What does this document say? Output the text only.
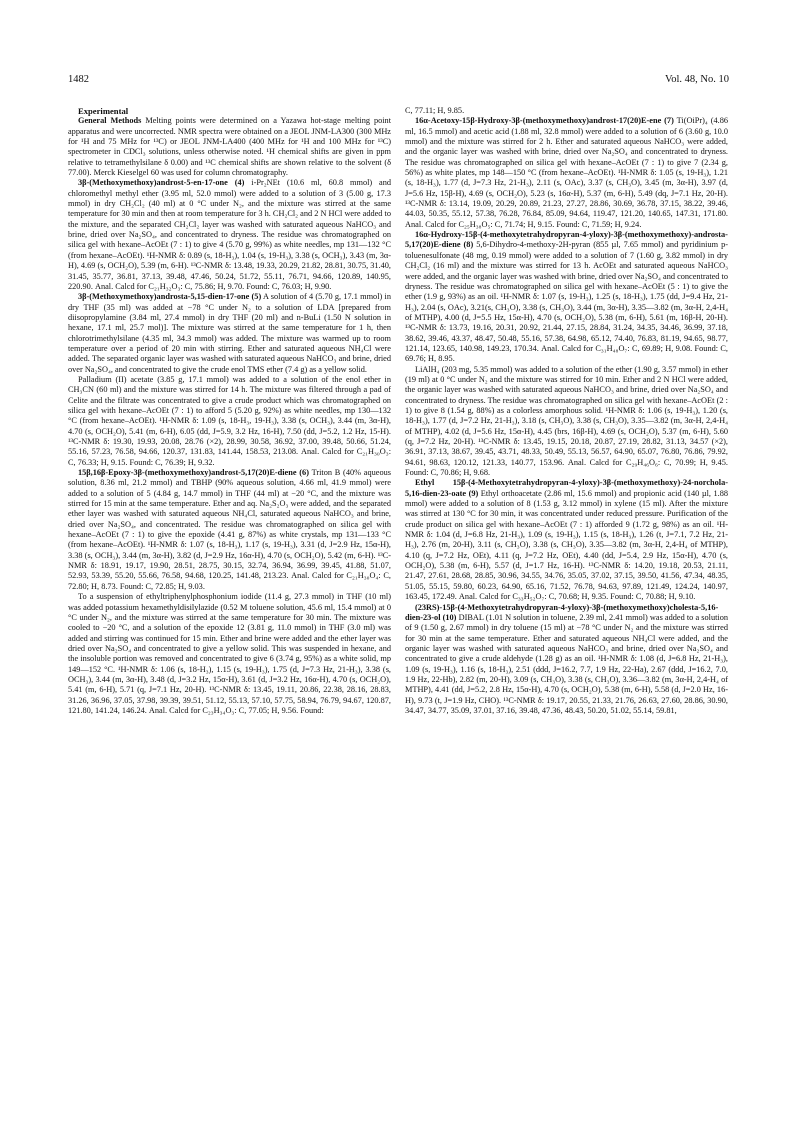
1482	Vol. 48, No. 10

Experimental

General Methods Melting points were determined on a Yazawa hot-stage melting point apparatus and were uncorrected. NMR spectra were obtained on a JEOL JNM-LA300 (300 MHz for ¹H and 75 MHz for ¹³C) or JEOL JNM-LA400 (400 MHz for ¹H and 100 MHz for ¹³C) spectrometer in CDCl₃ solutions, unless otherwise noted. ¹H chemical shifts are given in ppm relative to tetramethylsilane δ 0.00) and ¹³C chemical shifts are shown relative to the solvent (δ 77.00). Merck Kieselgel 60 was used for column chromatography.

3β-(Methoxymethoxy)androst-5-en-17-one (4) i-Pr₂NEt (10.6 ml, 60.8 mmol) and chloromethyl methyl ether (3.95 ml, 52.0 mmol) were added to a solution of 3 (5.00 g, 17.3 mmol) in dry CH₂Cl₂ (40 ml) at 0 °C under N₂, and the mixture was stirred at the same temperature for 30 min and then at room temperature for 3 h. CH₂Cl₂ and 2 N HCl were added to the mixture, and the separated CH₂Cl₂ layer was washed with saturated aqueous NaHCO₃ and brine, dried over Na₂SO₄, and concentrated to dryness. The residue was chromatographed on silica gel with hexane–AcOEt (7 : 1) to give 4 (5.70 g, 99%) as white needles, mp 131—132 °C (from hexane–AcOEt). ¹H-NMR δ: 0.89 (s, 18-H₃), 1.04 (s, 19-H₃), 3.38 (s, OCH₃), 3.43 (m, 3α-H), 4.69 (s, OCH₂O), 5.39 (m, 6-H). ¹³C-NMR δ: 13.48, 19.33, 20.29, 21.82, 28.81, 30.75, 31.40, 31.45, 35.77, 36.81, 37.13, 39.48, 47.46, 50.24, 51.72, 55.11, 76.71, 94.66, 120.89, 140.95, 220.90. Anal. Calcd for C₂₁H₃₂O₃: C, 75.86; H, 9.70. Found: C, 76.03; H, 9.90.

3β-(Methoxymethoxy)androsta-5,15-dien-17-one (5) A solution of 4 (5.70 g, 17.1 mmol) in dry THF (35 ml) was added at −78 °C under N₂ to a solution of LDA [prepared from diisopropylamine (3.84 ml, 27.4 mmol) in dry THF (20 ml) and n-BuLi (1.50 N solution in hexane, 17.1 ml, 25.7 mol)]. The mixture was stirred at the same temperature for 1 h, then chlorotrimethylsilane (4.35 ml, 34.3 mmol) was added. The mixture was warmed up to room temperature over a period of 20 min with stirring. Ether and saturated aqueous NH₄Cl were added. The separated organic layer was washed with saturated aqueous NaHCO₃ and brine, dried over Na₂SO₄, and concentrated to give the crude enol TMS ether (7.4 g) as a yellow solid.

Palladium (II) acetate (3.85 g, 17.1 mmol) was added to a solution of the enol ether in CH₃CN (60 ml) and the mixture was stirred for 14 h. The mixture was filtered through a pad of Celite and the filtrate was concentrated to give a crude product which was chromatographed on silica gel with hexane–AcOEt (7 : 1) to afford 5 (5.20 g, 92%) as white needles, mp 130—132 °C (from hexane–AcOEt). ¹H-NMR δ: 1.09 (s, 18-H₃, 19-H₃), 3.38 (s, OCH₃), 3.44 (m, 3α-H), 4.70 (s, OCH₂O), 5.41 (m, 6-H), 6.05 (dd, J=5.9, 3.2 Hz, 16-H), 7.50 (dd, J=5.2, 1.2 Hz, 15-H). ¹³C-NMR δ: 19.30, 19.93, 20.08, 28.76 (×2), 28.99, 30.58, 36.92, 37.00, 39.48, 50.66, 51.24, 55.16, 57.23, 76.58, 94.66, 120.37, 131.83, 141.44, 158.53, 213.08. Anal. Calcd for C₂₁H₃₀O₃: C, 76.33; H, 9.15. Found: C, 76.39; H, 9.32.

15β,16β-Epoxy-3β-(methoxymethoxy)androst-5,17(20)E-diene (6) Triton B (40% aqueous solution, 8.36 ml, 21.2 mmol) and TBHP (90% aqueous solution, 4.66 ml, 41.9 mmol) were added to a solution of 5 (4.84 g, 14.7 mmol) in THF (44 ml) at −20 °C, and the mixture was stirred for 15 min at the same temperature. Ether and aq. Na₂S₂O₃ were added, and the separated ether layer was washed with saturated aqueous NH₄Cl, saturated aqueous NaHCO₃ and brine, dried over Na₂SO₄, and concentrated. The residue was chromatographed on silica gel with hexane–AcOEt (7 : 1) to give the epoxide (4.41 g, 87%) as white crystals, mp 131—133 °C (from hexane–AcOEt). ¹H-NMR δ: 1.07 (s, 18-H₃), 1.17 (s, 19-H₃), 3.31 (d, J=2.9 Hz, 15α-H), 3.38 (s, OCH₃), 3.44 (m, 3α-H), 3.82 (d, J=2.9 Hz, 16α-H), 4.70 (s, OCH₂O), 5.42 (m, 6-H). ¹³C-NMR δ: 18.91, 19.17, 19.90, 28.51, 28.75, 30.15, 32.74, 36.94, 36.99, 39.45, 41.88, 51.07, 52.93, 53.39, 55.20, 55.66, 76.58, 94.68, 120.25, 141.48, 213.23. Anal. Calcd for C₂₁H₃₀O₄: C, 72.80; H, 8.73. Found: C, 72.85; H, 9.03.

To a suspension of ethyltriphenylphosphonium iodide (11.4 g, 27.3 mmol) in THF (10 ml) was added potassium hexamethyldisilylazide (0.52 M toluene solution, 45.6 ml, 15.4 mmol) at 0 °C under N₂, and the mixture was stirred at the same temperature for 30 min. The mixture was cooled to −20 °C, and a solution of the epoxide 12 (3.81 g, 11.0 mmol) in THF (3.0 ml) was added and stirring was continued for 15 min. Ether and brine were added and the ether layer was dried over Na₂SO₄ and concentrated to give a yellow solid. This was suspended in hexane, and the insoluble portion was removed and concentrated to give 6 (3.74 g, 95%) as a white solid, mp 149—152 °C. ¹H-NMR δ: 1.06 (s, 18-H₃), 1.15 (s, 19-H₃), 1.75 (d, J=7.3 Hz, 21-H₃), 3.38 (s, OCH₃), 3.44 (m, 3α-H), 3.48 (d, J=3.2 Hz, 15α-H), 3.61 (d, J=3.2 Hz, 16α-H), 4.70 (s, OCH₂O), 5.41 (m, 6-H), 5.71 (q, J=7.1 Hz, 20-H). ¹³C-NMR δ: 13.45, 19.11, 20.86, 22.38, 28.16, 28.83, 31.26, 36.96, 37.05, 37.98, 39.39, 39.51, 51.12, 55.13, 57.10, 57.75, 58.94, 76.79, 94.67, 120.87, 121.80, 141.24, 146.24. Anal. Calcd for C₂₃H₃₄O₃: C, 77.05; H, 9.56. Found:

C, 77.11; H, 9.85.

16α-Acetoxy-15β-Hydroxy-3β-(methoxymethoxy)androst-17(20)E-ene (7) Ti(OiPr)₄ (4.86 ml, 16.5 mmol) and acetic acid (1.88 ml, 32.8 mmol) were added to a solution of 6 (3.60 g, 10.0 mmol) and the mixture was stirred for 2 h. Ether and saturated aqueous NaHCO₃ were added, and the organic layer was washed with brine, dried over Na₂SO₄ and concentrated to dryness. The residue was chromatographed on silica gel with hexane–AcOEt (7 : 1) to give 7 (2.34 g, 56%) as white plates, mp 148—150 °C (from hexane–AcOEt). ¹H-NMR δ: 1.05 (s, 19-H₃), 1.21 (s, 18-H₃), 1.77 (d, J=7.3 Hz, 21-H₃), 2.11 (s, OAc), 3.37 (s, CH₃O), 3.45 (m, 3α-H), 3.97 (d, J=5.6 Hz, 15β-H), 4.69 (s, OCH₂O), 5.23 (s, 16α-H), 5.37 (m, 6-H), 5.49 (dq, J=7.1 Hz, 20-H). ¹³C-NMR δ: 13.14, 19.09, 20.29, 20.89, 21.23, 27.27, 28.86, 30.69, 36.78, 37.15, 38.22, 39.46, 44.03, 50.35, 55.12, 57.38, 76.28, 76.84, 85.09, 94.64, 119.47, 121.20, 140.65, 147.31, 171.80. Anal. Calcd for C₂₅H₃₈O₅: C, 71.74; H, 9.15. Found: C, 71.59; H, 9.24.

16α-Hydroxy-15β-(4-methoxytetrahydropyran-4-yloxy)-3β-(methoxymethoxy)-androsta-5,17(20)E-diene (8) 5,6-Dihydro-4-methoxy-2H-pyran (855 µl, 7.65 mmol) and pyridinium p-toluenesulfonate (48 mg, 0.19 mmol) were added to a solution of 7 (1.60 g, 3.82 mmol) in dry CH₂Cl₂ (16 ml) and the mixture was stirred for 13 h. AcOEt and saturated aqueous NaHCO₃ were added, and the organic layer was washed with brine, dried over Na₂SO₄ and concentrated to dryness. The residue was chromatographed on silica gel with hexane–AcOEt (5 : 1) to give the ether (1.9 g, 93%) as an oil. ¹H-NMR δ: 1.07 (s, 19-H₃), 1.25 (s, 18-H₃), 1.75 (dd, J=9.4 Hz, 21-H₃), 2.04 (s, OAc), 3.21(s, CH₃O), 3.38 (s, CH₃O), 3.44 (m, 3α-H), 3.35—3.82 (m, 3α-H, 2,4-H₄ of MTHP), 4.00 (d, J=5.5 Hz, 15α-H), 4.70 (s, OCH₂O), 5.38 (m, 6-H), 5.61 (m, 16β-H, 20-H). ¹³C-NMR δ: 13.73, 19.16, 20.31, 20.92, 21.44, 27.15, 28.84, 31.24, 34.35, 34.46, 36.99, 37.18, 38.62, 39.46, 43.37, 48.47, 50.48, 55.16, 57.38, 64.98, 65.12, 74.40, 76.83, 81.19, 94.65, 98.77, 121.14, 123.65, 140.98, 149.23, 170.34. Anal. Calcd for C₃₁H₄₈O₇: C, 69.89; H, 9.08. Found: C, 69.76; H, 8.95.

LiAlH₄ (203 mg, 5.35 mmol) was added to a solution of the ether (1.90 g, 3.57 mmol) in ether (19 ml) at 0 °C under N₂ and the mixture was stirred for 10 min. Ether and 2 N HCl were added, the organic layer was washed with saturated aqueous NaHCO₃ and brine, dried over Na₂SO₄ and concentrated to dryness. The residue was chromatographed on silica gel with hexane–AcOEt (2 : 1) to give 8 (1.54 g, 88%) as a colorless amorphous solid. ¹H-NMR δ: 1.06 (s, 19-H₃), 1.20 (s, 18-H₃), 1.77 (d, J=7.2 Hz, 21-H₃), 3.18 (s, CH₃O), 3.38 (s, CH₃O), 3.35—3.82 (m, 3α-H, 2,4-H₄ of MTHP), 4.02 (d, J=5.6 Hz, 15α-H), 4.45 (brs, 16β-H), 4.69 (s, OCH₂O), 5.37 (m, 6-H), 5.60 (q, J=7.2 Hz, 20-H). ¹³C-NMR δ: 13.45, 19.15, 20.18, 20.87, 27.19, 28.82, 31.13, 34.57 (×2), 36.91, 37.13, 38.67, 39.45, 43.71, 48.33, 50.49, 55.13, 56.57, 64.90, 65.07, 76.80, 76.86, 79.92, 94.61, 98.63, 120.12, 121.33, 140.77, 153.96. Anal. Calcd for C₂₉H₄₆O₆: C, 70.99; H, 9.45. Found: C, 70.86; H, 9.68.

Ethyl 15β-(4-Methoxytetrahydropyran-4-yloxy)-3β-(methoxymethoxy)-24-norchola-5,16-dien-23-oate (9) Ethyl orthoacetate (2.86 ml, 15.6 mmol) and propionic acid (140 µl, 1.88 mmol) were added to a solution of 8 (1.53 g, 3.12 mmol) in xylene (15 ml). After the mixture was stirred at 130 °C for 30 min, it was concentrated under reduced pressure. Purification of the crude product on silica gel with hexane–AcOEt (7 : 1) afforded 9 (1.72 g, 98%) as an oil. ¹H-NMR δ: 1.04 (d, J=6.8 Hz, 21-H₃), 1.09 (s, 19-H₃), 1.15 (s, 18-H₃), 1.26 (t, J=7.1, 7.2 Hz, 21-H₃), 2.76 (m, 20-H), 3.11 (s, CH₃O), 3.38 (s, CH₃O), 3.35—3.82 (m, 3α-H, 2,4-H₄ of MTHP), 4.10 (q, J=7.2 Hz, OEt), 4.11 (q, J=7.2 Hz, OEt), 4.40 (dd, J=5.4, 2.9 Hz, 15α-H), 4.70 (s, OCH₂O), 5.38 (m, 6-H), 5.57 (d, J=1.7 Hz, 16-H). ¹³C-NMR δ: 14.20, 19.18, 20.53, 21.11, 21.47, 27.61, 28.68, 28.85, 30.96, 34.55, 34.76, 35.05, 37.02, 37.15, 39.50, 41.56, 47.34, 48.35, 51.05, 55.15, 59.80, 60.23, 64.90, 65.16, 71.52, 76.78, 94.63, 97.89, 121.49, 124.24, 140.97, 163.45, 172.49. Anal. Calcd for C₃₃H₅₂O₇: C, 70.68; H, 9.35. Found: C, 70.88; H, 9.10.

(23RS)-15β-(4-Methoxytetrahydropyran-4-yloxy)-3β-(methoxymethoxy)cholesta-5,16-dien-23-ol (10) DIBAL (1.01 N solution in toluene, 2.39 ml, 2.41 mmol) was added to a solution of 9 (1.50 g, 2.67 mmol) in dry toluene (15 ml) at −78 °C under N₂ and the mixture was stirred for 30 min at the same temperature. Ether and saturated aqueous NH₄Cl were added, and the organic layer was washed with saturated aqueous NaHCO₃ and brine, dried over Na₂SO₄ and concentrated to give a crude aldehyde (1.28 g) as an oil. ¹H-NMR δ: 1.08 (d, J=6.8 Hz, 21-H₃), 1.09 (s, 19-H₃), 1.16 (s, 18-H₃), 2.51 (ddd, J=16.2, 7.7, 1.9 Hz, 22-Ha), 2.67 (ddd, J=16.2, 7.0, 1.9 Hz, 22-Hb), 2.82 (m, 20-H), 3.09 (s, CH₃O), 3.38 (s, CH₃O), 3.36—3.82 (m, 3α-H, 2,4-H₄ of MTHP), 4.41 (dd, J=5.2, 2.8 Hz, 15α-H), 4.70 (s, OCH₂O), 5.38 (m, 6-H), 5.58 (d, J=2.0 Hz, 16-H), 9.73 (t, J=1.9 Hz, CHO). ¹³C-NMR δ: 19.17, 20.55, 21.33, 21.76, 26.63, 27.60, 28.86, 30.90, 34.47, 34.77, 35.09, 37.01, 37.16, 39.48, 47.36, 48.43, 50.20, 51.02, 55.14, 59.81,
